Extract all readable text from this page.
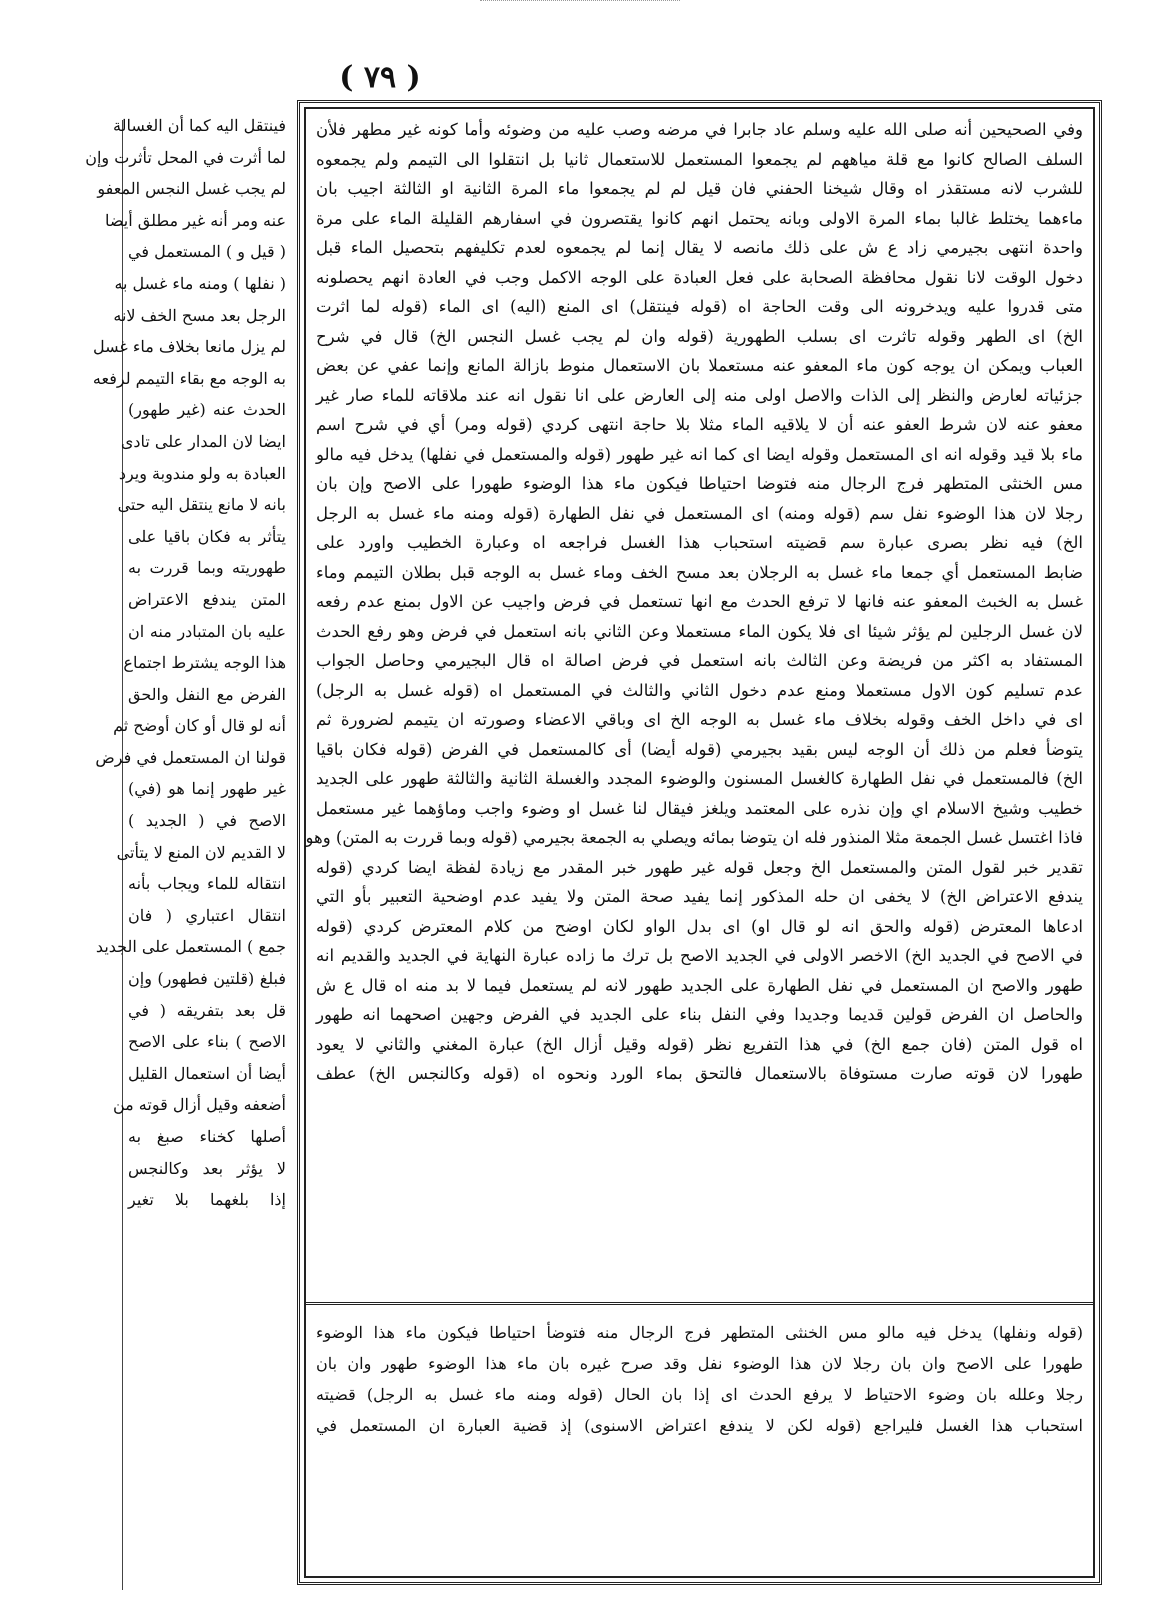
( ٧٩ )
فينتقل اليه كما أن الغسالة
لما أثرت في المحل تأثرت وإن
لم يجب غسل النجس المعفو
عنه ومر أنه غير مطلق أيضا
( قيل و ) المستعمل في
( نفلها ) ومنه ماء غسل به
الرجل بعد مسح الخف لانه
لم يزل مانعا بخلاف ماء غسل
به الوجه مع بقاء التيمم لرفعه
الحدث عنه (غير طهور)
ايضا لان المدار على تادى
العبادة به ولو مندوبة ويرد
بانه لا مانع ينتقل اليه حتى
يتأثر به فكان باقيا على
طهوريته وبما قررت به
المتن يندفع الاعتراض
عليه بان المتبادر منه ان
هذا الوجه يشترط اجتماع
الفرض مع النفل والحق
أنه لو قال أو كان أوضح ثم
قولنا ان المستعمل في فرض
غير طهور إنما هو (في)
الاصح في ( الجديد )
لا القديم لان المنع لا يتأتى
انتقاله للماء ويجاب بأنه
انتقال اعتباري ( فان
جمع ) المستعمل على الجديد
فبلغ (قلتين فطهور) وإن
قل بعد بتفريقه ( في
الاصح ) بناء على الاصح
أيضا أن استعمال القليل
أضعفه وقيل أزال قوته من
أصلها كخناء صبغ به
لا يؤثر بعد وكالنجس
إذا بلغهما بلا تغير
وفي الصحيحين أنه صلى الله عليه وسلم عاد جابرا في مرضه وصب عليه من وضوئه وأما كونه غير مطهر فلأن
السلف الصالح كانوا مع قلة مياههم لم يجمعوا المستعمل للاستعمال ثانيا بل انتقلوا الى التيمم ولم يجمعوه
للشرب لانه مستقذر اه وقال شيخنا الحفني فان قيل لم لم يجمعوا ماء المرة الثانية او الثالثة اجيب بان
ماءهما يختلط غالبا بماء المرة الاولى وبانه يحتمل انهم كانوا يقتصرون في اسفارهم القليلة الماء على مرة
واحدة انتهى بجيرمي زاد ع ش على ذلك مانصه لا يقال إنما لم يجمعوه لعدم تكليفهم بتحصيل الماء قبل
دخول الوقت لانا نقول محافظة الصحابة على فعل العبادة على الوجه الاكمل وجب في العادة انهم يحصلونه
متى قدروا عليه ويدخرونه الى وقت الحاجة اه (قوله فينتقل) اى المنع (اليه) اى الماء (قوله لما اثرت
الخ) اى الطهر وقوله تاثرت اى بسلب الطهورية (قوله وان لم يجب غسل النجس الخ) قال في شرح
العباب ويمكن ان يوجه كون ماء المعفو عنه مستعملا بان الاستعمال منوط بازالة المانع وإنما عفي عن بعض
جزئياته لعارض والنظر إلى الذات والاصل اولى منه إلى العارض على انا نقول انه عند ملاقاته للماء صار غير
معفو عنه لان شرط العفو عنه أن لا يلاقيه الماء مثلا بلا حاجة انتهى كردي (قوله ومر) أي في شرح اسم
ماء بلا قيد وقوله انه اى المستعمل وقوله ايضا اى كما انه غير طهور (قوله والمستعمل في نفلها) يدخل فيه مالو
مس الخنثى المتطهر فرج الرجال منه فتوضا احتياطا فيكون ماء هذا الوضوء طهورا على الاصح وإن بان
رجلا لان هذا الوضوء نفل سم (قوله ومنه) اى المستعمل في نفل الطهارة (قوله ومنه ماء غسل به الرجل
الخ) فيه نظر بصرى عبارة سم قضيته استحباب هذا الغسل فراجعه اه وعبارة الخطيب واورد على
ضابط المستعمل أي جمعا ماء غسل به الرجلان بعد مسح الخف وماء غسل به الوجه قبل بطلان التيمم وماء
غسل به الخبث المعفو عنه فانها لا ترفع الحدث مع انها تستعمل في فرض واجيب عن الاول بمنع عدم رفعه
لان غسل الرجلين لم يؤثر شيئا اى فلا يكون الماء مستعملا وعن الثاني بانه استعمل في فرض وهو رفع الحدث
المستفاد به اكثر من فريضة وعن الثالث بانه استعمل في فرض اصالة اه قال البجيرمي وحاصل الجواب
عدم تسليم كون الاول مستعملا ومنع عدم دخول الثاني والثالث في المستعمل اه (قوله غسل به الرجل)
اى في داخل الخف وقوله بخلاف ماء غسل به الوجه الخ اى وباقي الاعضاء وصورته ان يتيمم لضرورة ثم
يتوضأ فعلم من ذلك أن الوجه ليس بقيد بجيرمي (قوله أيضا) أى كالمستعمل في الفرض (قوله فكان باقيا
الخ) فالمستعمل في نفل الطهارة كالغسل المسنون والوضوء المجدد والغسلة الثانية والثالثة طهور على الجديد
خطيب وشيخ الاسلام اي وإن نذره على المعتمد ويلغز فيقال لنا غسل او وضوء واجب وماؤهما غير مستعمل
فاذا اغتسل غسل الجمعة مثلا المنذور فله ان يتوضا بمائه ويصلي به الجمعة بجيرمي (قوله وبما قررت به المتن) وهو
تقدير خبر لقول المتن والمستعمل الخ وجعل قوله غير طهور خبر المقدر مع زيادة لفظة ايضا كردي (قوله
يندفع الاعتراض الخ) لا يخفى ان حله المذكور إنما يفيد صحة المتن ولا يفيد عدم اوضحية التعبير بأو التي
ادعاها المعترض (قوله والحق انه لو قال او) اى بدل الواو لكان اوضح من كلام المعترض كردي (قوله
في الاصح في الجديد الخ) الاخصر الاولى في الجديد الاصح بل ترك ما زاده عبارة النهاية في الجديد والقديم انه
طهور والاصح ان المستعمل في نفل الطهارة على الجديد طهور لانه لم يستعمل فيما لا بد منه اه قال ع ش
والحاصل ان الفرض قولين قديما وجديدا وفي النفل بناء على الجديد في الفرض وجهين اصحهما انه طهور
اه قول المتن (فان جمع الخ) في هذا التفريع نظر (قوله وقيل أزال الخ) عبارة المغني والثاني لا يعود
طهورا لان قوته صارت مستوفاة بالاستعمال فالتحق بماء الورد ونحوه اه (قوله وكالنجس الخ) عطف
(قوله ونفلها) يدخل فيه مالو مس الخنثى المتطهر فرج الرجال منه فتوضأ احتياطا فيكون ماء هذا الوضوء
طهورا على الاصح وان بان رجلا لان هذا الوضوء نفل وقد صرح غيره بان ماء هذا الوضوء طهور وان بان
رجلا وعلله بان وضوء الاحتياط لا يرفع الحدث اى إذا بان الحال (قوله ومنه ماء غسل به الرجل) قضيته
استحباب هذا الغسل فليراجع (قوله لكن لا يندفع اعتراض الاسنوى) إذ قضية العبارة ان المستعمل في
